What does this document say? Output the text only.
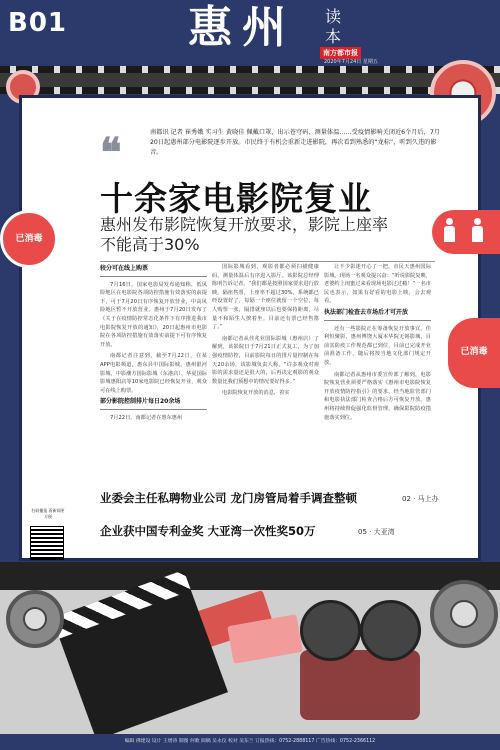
B01	惠州 读
本
南方都市报
2020年7月24日 星期五
❝	南都讯 记者 崔秀娥 实习生 黄晓佳 佩戴口罩、出示苍穹码、测量体温……受疫情影响关闭近6个月后，7月20日起惠州部分电影院逐步开放。市民终于有机会重新走进影院，再次看到熟悉的“龙标”，听到久违的影音。
十余家电影院复业
惠州发布影院恢复开放要求，影院上座率
不能高于30%

较分可在线上购票

7月16日，国家电影局发布通知称，低风险地区在电影院各项防控措施有效落实的前提下，可于7月20日有序恢复开放营业，中高风险地区暂不开放营业。惠州于7月20日发布了《关于在疫情防控常态化条件下有序推进我市电影院恢复开放的通知》，20日起惠州市电影院在各项防控措施有效落实前提下可有序恢复开放。

南都记者注意到，截至7月22日，在某APP电影频道，惠东县中国际影城、惠州银河影城、中影潮方国际影城（东港店）、华夏国际影城惠阳店等10家电影院已经恢复开业，观众可在线上购票。

部分影院控制排片每日20余场

7月22日，南都记者在惠东惠州

国际影城看到，观影者都必须扫描健康码、测量体温后有序进入影厅。该影院总经理陈明告诉记者，“我们都是按照国家要求进行放映，隔座售票，上座率不超过30%，系统都已经设置好了，每隔一个座位就留一个空位，每人购票一张，隔排就座以后也要保持距离，尽量不和陌生人挨着坐。目前还有票已经售罄了。”

南都记者从佳兆业国际影城（惠州店）了解到，该影院日于7月21日正式复工，为了加强疫情防控，目前影院每日的排片量控制在每天20余场，该影城负责人称，“许多观众对观影的需求量还是很大的，后再决定观影的观众数量比我们预想中的情况要好得多。”

电影院恢复开放的消息，着实

让不少影迷开心了一把。市民天惠州国际影城，现场一名观众提兴奋：“听说影院复映，老婆约上闺蜜过来看现场电影过过瘾！”一名市民也表示，如果有好看的电影上映，会去观看。

执法部门检查去市场后才可开放

还有一些影院正在筹备恢复开放事宜。佳利恒聚影，惠州博饶大厦本华院无锡影城，目前其防疫工作规范都已到位，目前已完成开业前准备工作，随后将按当地文化部门规定开放。

南都记者从惠州市委宣传部了解到，电影院恢复营业须要严格落实《惠州市电影院恢复开放疫情防控指引》的要求，经当地监管部门和电影执法部门检查合格后方可恢复开放。惠州将持续督促强化监督管理，确保影院防疫措施落实到位。

已消毒
已消毒
业委会主任私聘物业公司 龙门房管局着手调查整顿	02 · 马上办
企业获中国专利金奖 大亚湾一次性奖50万	05 · 大亚湾
扫码播报 看新闻更方便
编辑 佛建设 设计 王增涛 制图 何歌 阅稿 吴永仪 校对 吴东兰 订报热线：0752-2888117 广告热线：0752-2366112
